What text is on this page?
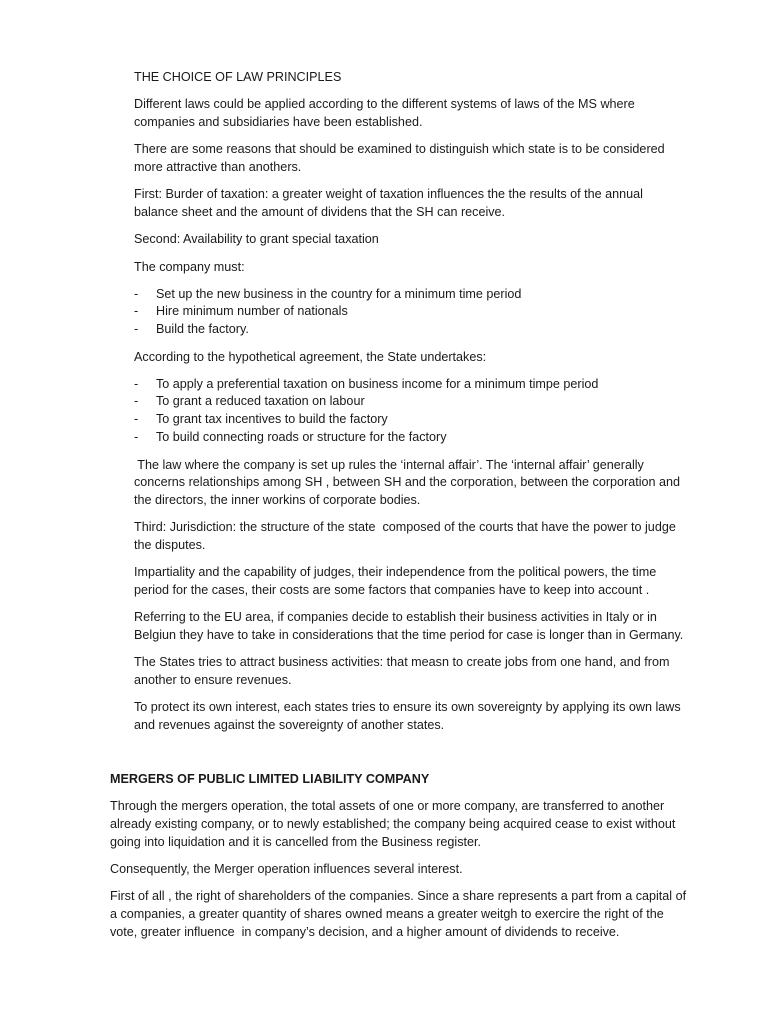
THE CHOICE OF LAW PRINCIPLES

Different laws could be applied according to the different systems of laws of the MS where

companies and subsidiaries have been established.

There are some reasons that should be examined to distinguish which state is to be considered

more attractive than anothers.

First: Burder of taxation: a greater weight of taxation influences the the results of the annual

balance sheet and the amount of dividens that the SH can receive.

Second: Availability to grant special taxation

The company must:

- Set up the new business in the country for a minimum time period

- Hire minimum number of nationals

- Build the factory.

According to the hypothetical agreement, the State undertakes:

- To apply a preferential taxation on business income for a minimum timpe period

- To grant a reduced taxation on labour

- To grant tax incentives to build the factory

- To build connecting roads or structure for the factory

The law where the company is set up rules the ‘internal affair’. The ‘internal affair’ generally

concerns relationships among SH , between SH and the corporation, between the corporation and

the directors, the inner workins of corporate bodies.

Third: Jurisdiction: the structure of the state  composed of the courts that have the power to judge

the disputes.

Impartiality and the capability of judges, their independence from the political powers, the time

period for the cases, their costs are some factors that companies have to keep into account .

Referring to the EU area, if companies decide to establish their business activities in Italy or in

Belgiun they have to take in considerations that the time period for case is longer than in Germany.

The States tries to attract business activities: that measn to create jobs from one hand, and from

another to ensure revenues.

To protect its own interest, each states tries to ensure its own sovereignty by applying its own laws

and revenues against the sovereignty of another states.

MERGERS OF PUBLIC LIMITED LIABILITY COMPANY

Through the mergers operation, the total assets of one or more company, are transferred to another

already existing company, or to newly established; the company being acquired cease to exist without

going into liquidation and it is cancelled from the Business register.

Consequently, the Merger operation influences several interest.

First of all , the right of shareholders of the companies. Since a share represents a part from a capital of

a companies, a greater quantity of shares owned means a greater weitgh to exercire the right of the

vote, greater influence  in company’s decision, and a higher amount of dividends to receive.
